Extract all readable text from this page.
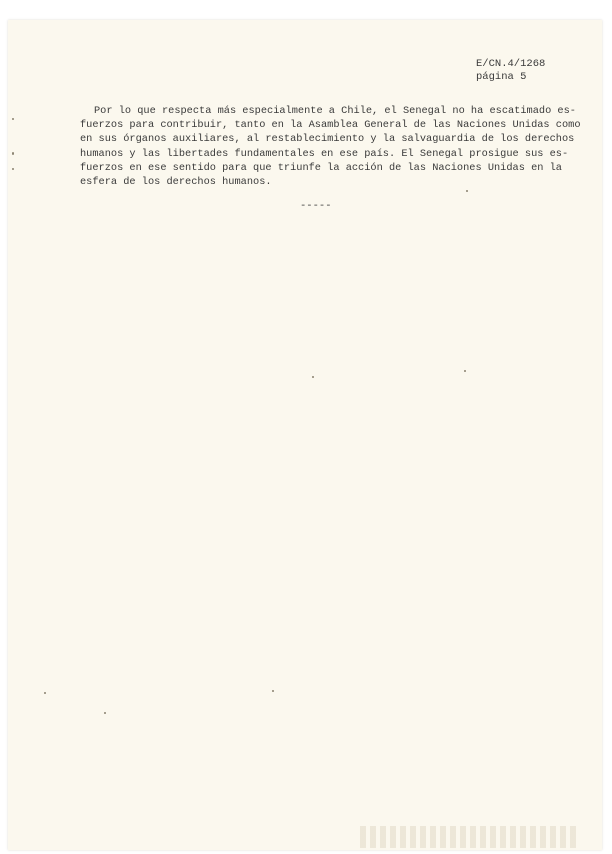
E/CN.4/1268
página 5
Por lo que respecta más especialmente a Chile, el Senegal no ha escatimado es-
fuerzos para contribuir, tanto en la Asamblea General de las Naciones Unidas como
en sus órganos auxiliares, al restablecimiento y la salvaguardia de los derechos
humanos y las libertades fundamentales en ese país. El Senegal prosigue sus es-
fuerzos en ese sentido para que triunfe la acción de las Naciones Unidas en la
esfera de los derechos humanos.
-----
